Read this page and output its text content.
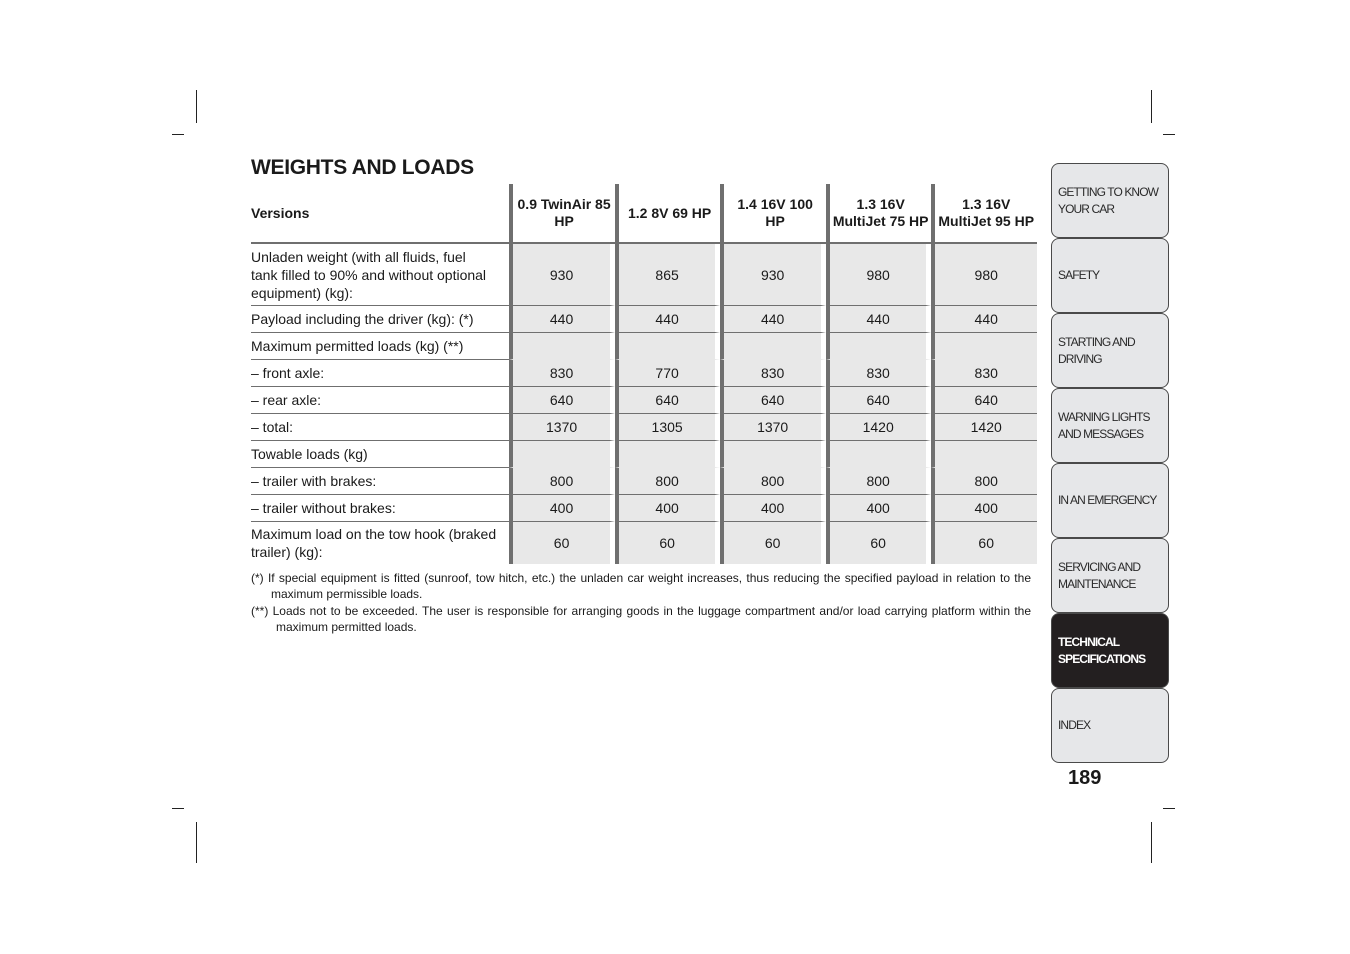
WEIGHTS AND LOADS
Versions	0.9 TwinAir 85 HP	1.2 8V 69 HP	1.4 16V 100 HP	1.3 16V MultiJet 75 HP	1.3 16V MultiJet 95 HP
Unladen weight (with all fluids, fuel tank filled to 90% and without optional equipment) (kg):	930	865	930	980	980
Payload including the driver (kg): (*)	440	440	440	440	440
Maximum permitted loads (kg) (**)					
– front axle:	830	770	830	830	830
– rear axle:	640	640	640	640	640
– total:	1370	1305	1370	1420	1420
Towable loads (kg)					
– trailer with brakes:	800	800	800	800	800
– trailer without brakes:	400	400	400	400	400
Maximum load on the tow hook (braked trailer) (kg):	60	60	60	60	60

(*) If special equipment is fitted (sunroof, tow hitch, etc.) the unladen car weight increases, thus reducing the specified payload in relation to the maximum permissible loads.

(**) Loads not to be exceeded. The user is responsible for arranging goods in the luggage compartment and/or load carrying platform within the maximum permitted loads.

GETTING TO KNOW
YOUR CAR
SAFETY
STARTING AND
DRIVING
WARNING LIGHTS
AND MESSAGES
IN AN EMERGENCY
SERVICING AND
MAINTENANCE
TECHNICAL
SPECIFICATIONS
INDEX
189
